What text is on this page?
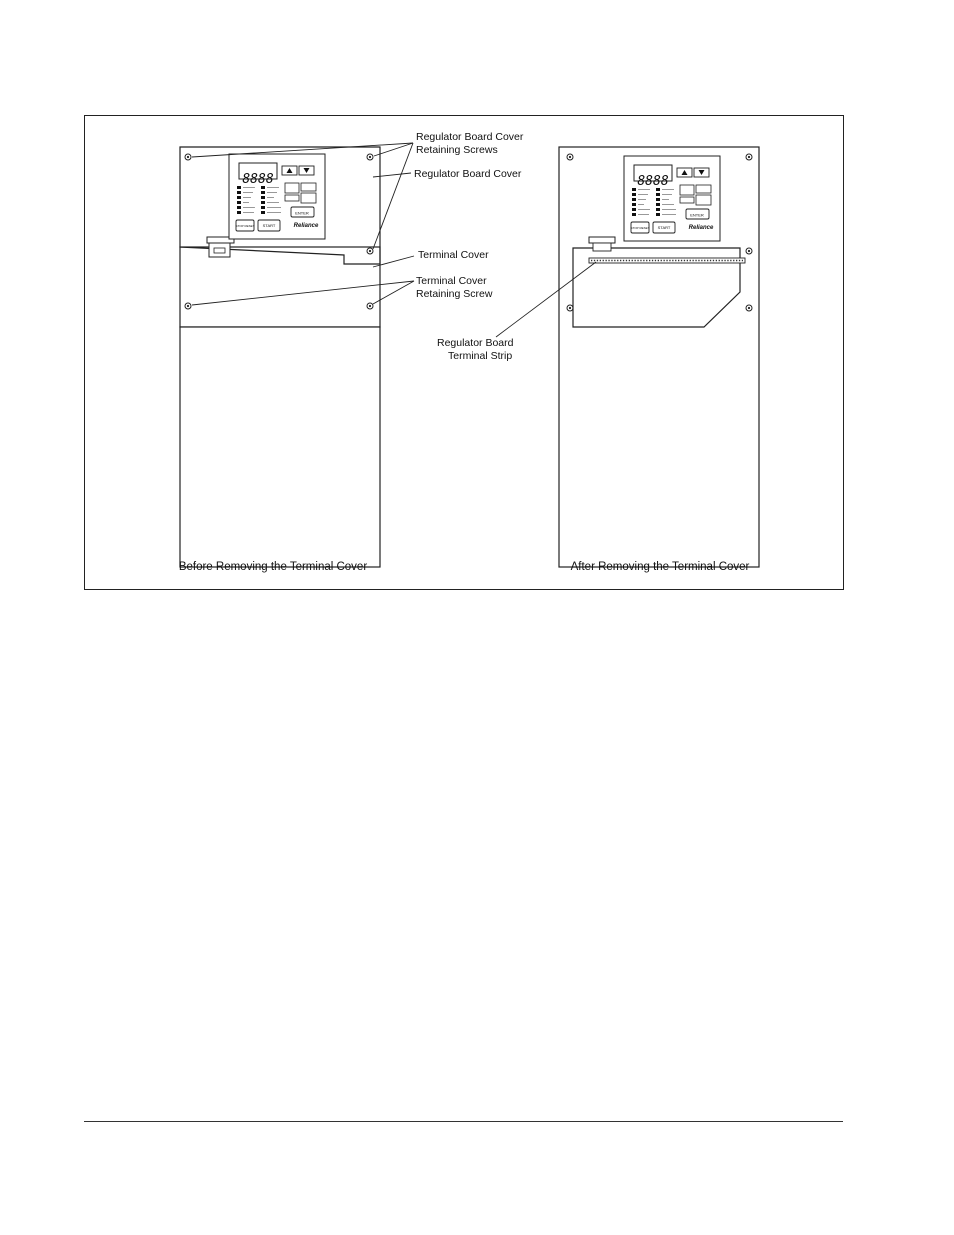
8888	8888
ENTER	ENTER
STOP RESET	STOP RESET
START	START
Reliance	Reliance
Regulator Board Cover
Retaining Screws
Regulator Board Cover
Terminal Cover
Terminal Cover
Retaining Screw
Regulator Board
Terminal Strip
Before Removing the Terminal Cover	After Removing the Terminal Cover
